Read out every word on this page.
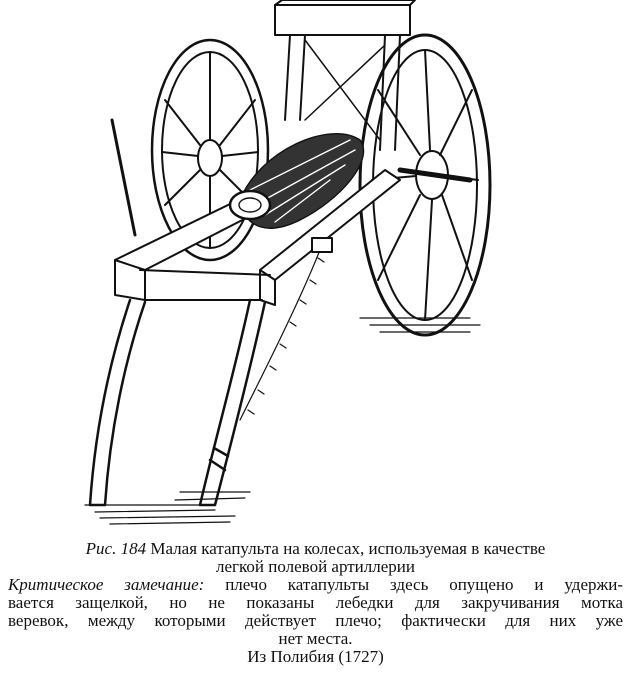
Рис. 184 Малая катапульта на колесах, используемая в качестве
легкой полевой артиллерии
Критическое замечание: плечо катапульты здесь опущено и удержи-
вается защелкой, но не показаны лебедки для закручивания мотка
веревок, между которыми действует плечо; фактически для них уже
нет места.
Из Полибия (1727)
